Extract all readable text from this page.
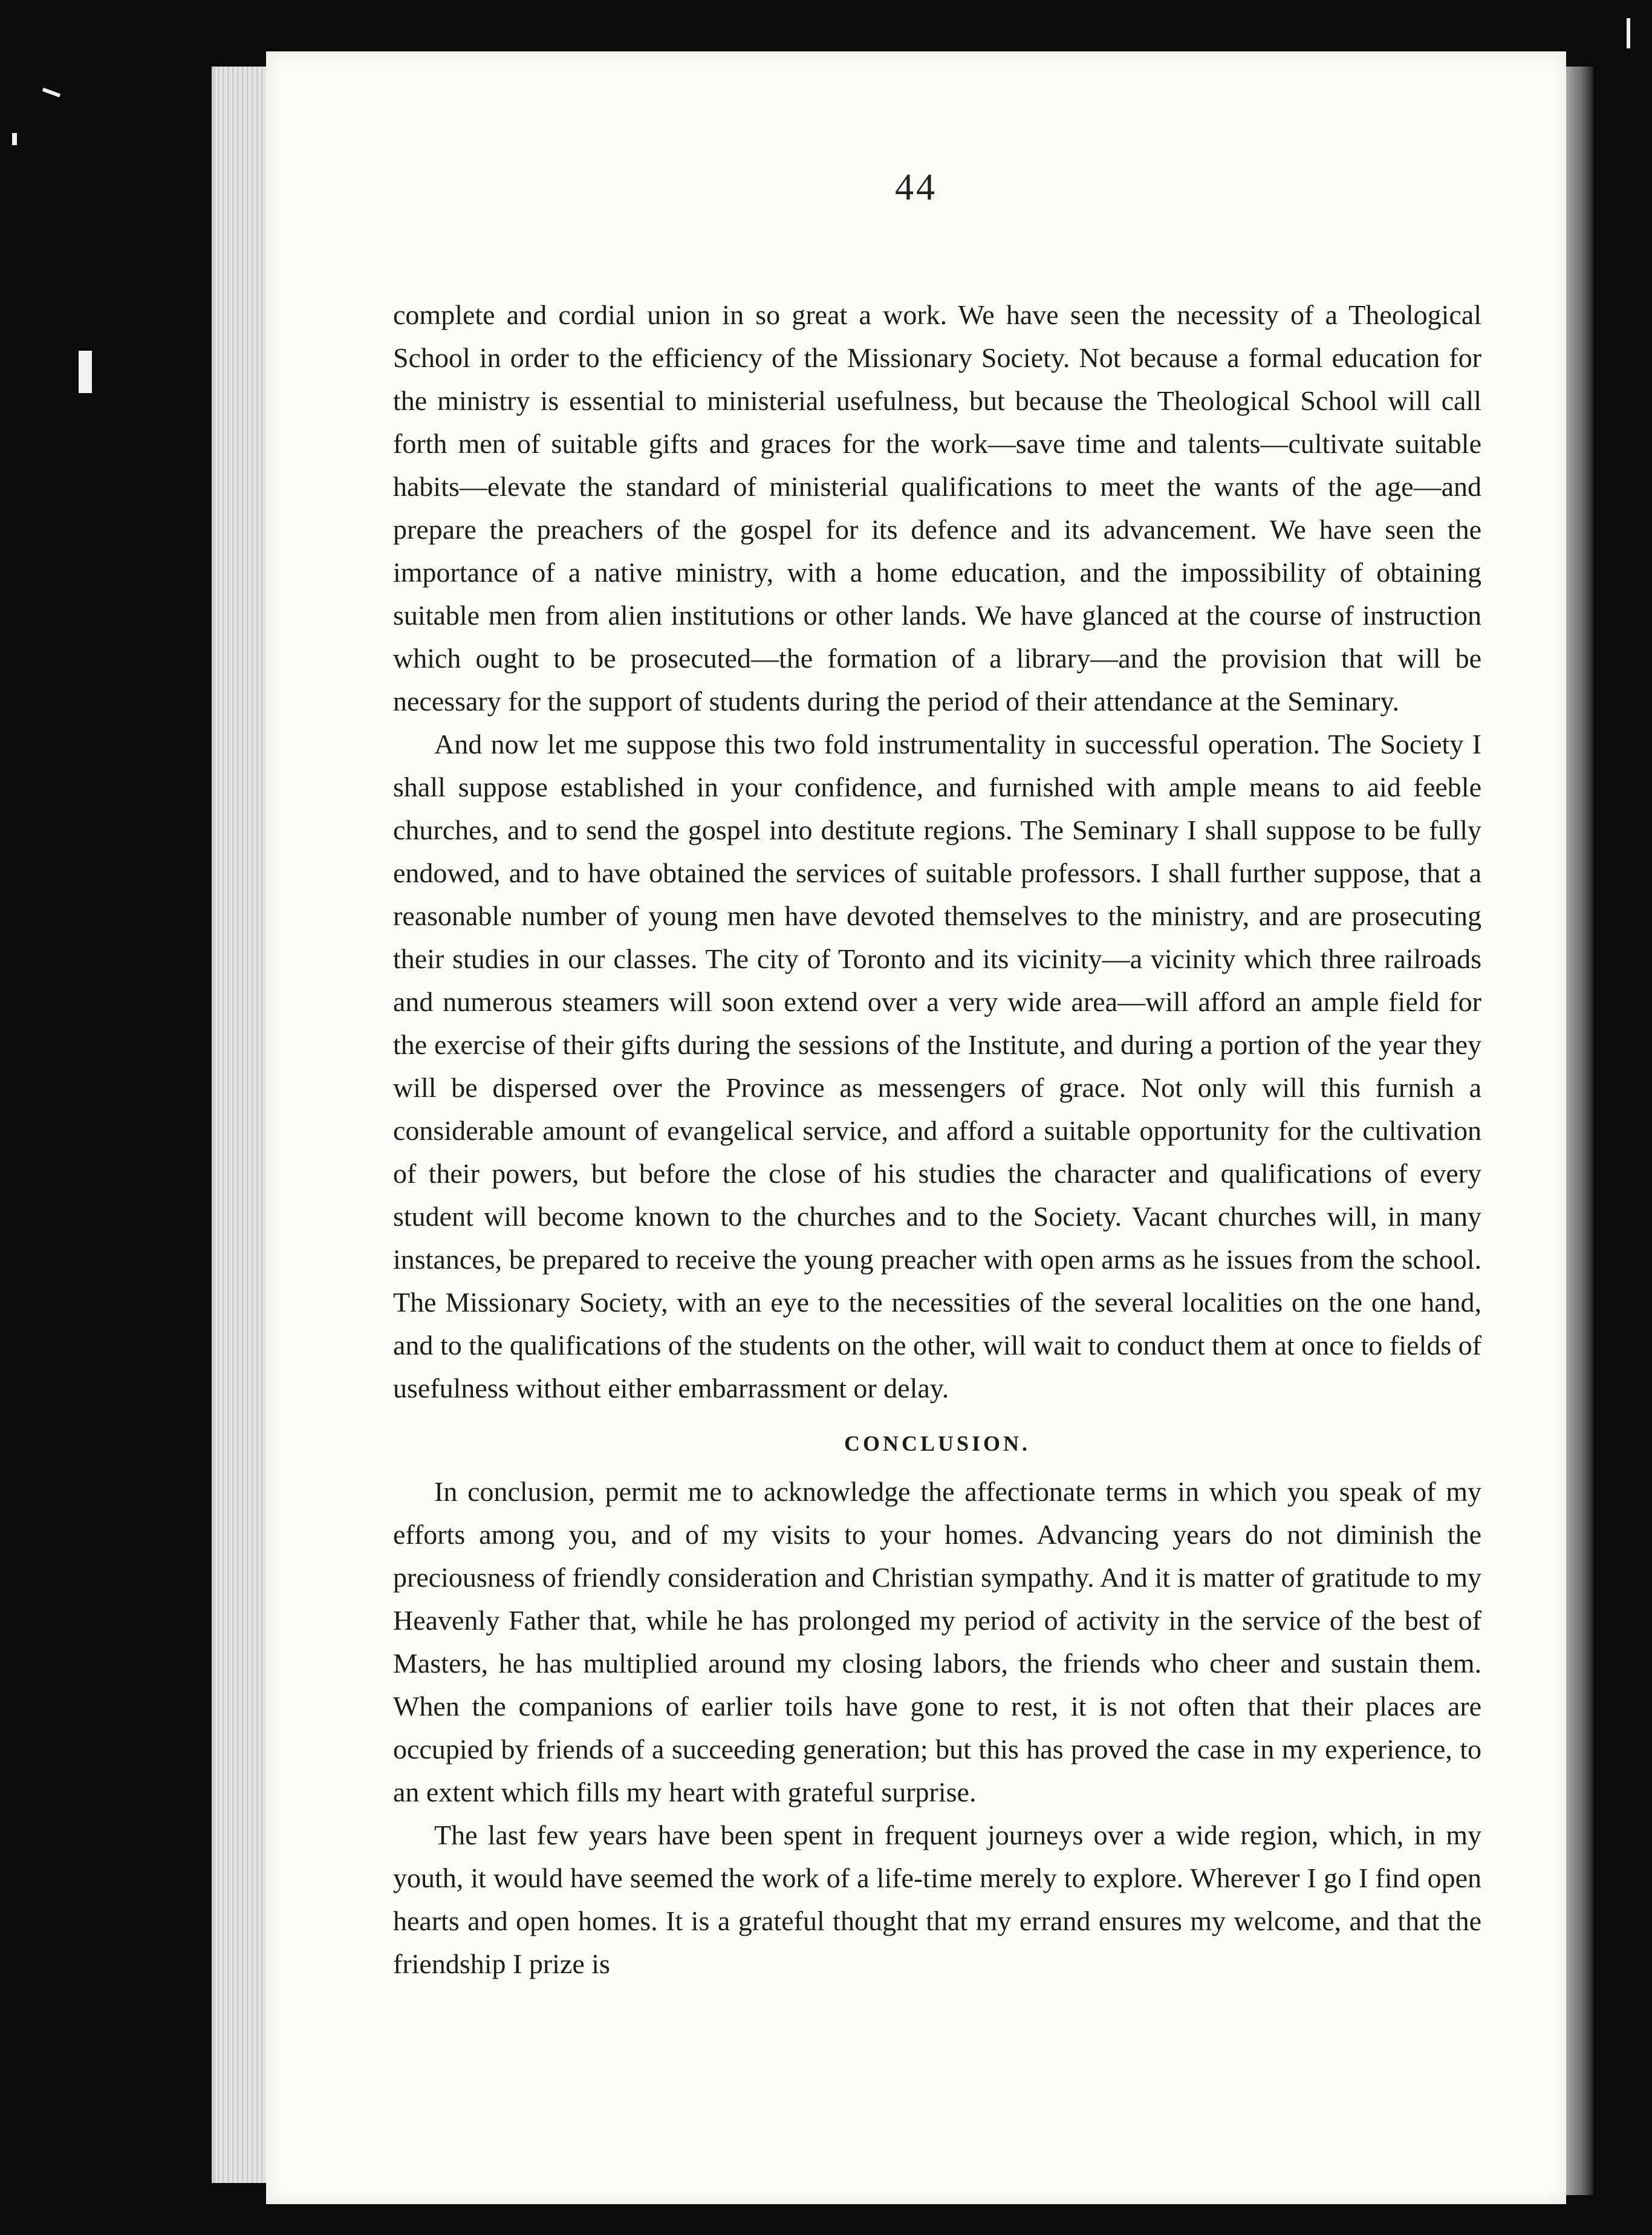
44

complete and cordial union in so great a work. We have seen the necessity of a Theological School in order to the efficiency of the Missionary Society. Not because a formal education for the ministry is essential to ministerial usefulness, but because the Theological School will call forth men of suitable gifts and graces for the work—save time and talents—cultivate suitable habits—elevate the standard of ministerial qualifications to meet the wants of the age—and prepare the preachers of the gospel for its defence and its advancement. We have seen the importance of a native ministry, with a home education, and the impossibility of obtaining suitable men from alien institutions or other lands. We have glanced at the course of instruction which ought to be prosecuted—the formation of a library—and the provision that will be necessary for the support of students during the period of their attendance at the Seminary.

And now let me suppose this two fold instrumentality in successful operation. The Society I shall suppose established in your confidence, and furnished with ample means to aid feeble churches, and to send the gospel into destitute regions. The Seminary I shall suppose to be fully endowed, and to have obtained the services of suitable professors. I shall further suppose, that a reasonable number of young men have devoted themselves to the ministry, and are prosecuting their studies in our classes. The city of Toronto and its vicinity—a vicinity which three railroads and numerous steamers will soon extend over a very wide area—will afford an ample field for the exercise of their gifts during the sessions of the Institute, and during a portion of the year they will be dispersed over the Province as messengers of grace. Not only will this furnish a considerable amount of evangelical service, and afford a suitable opportunity for the cultivation of their powers, but before the close of his studies the character and qualifications of every student will become known to the churches and to the Society. Vacant churches will, in many instances, be prepared to receive the young preacher with open arms as he issues from the school. The Missionary Society, with an eye to the necessities of the several localities on the one hand, and to the qualifications of the students on the other, will wait to conduct them at once to fields of usefulness without either embarrassment or delay.

CONCLUSION.

In conclusion, permit me to acknowledge the affectionate terms in which you speak of my efforts among you, and of my visits to your homes. Advancing years do not diminish the preciousness of friendly consideration and Christian sympathy. And it is matter of gratitude to my Heavenly Father that, while he has prolonged my period of activity in the service of the best of Masters, he has multiplied around my closing labors, the friends who cheer and sustain them. When the companions of earlier toils have gone to rest, it is not often that their places are occupied by friends of a succeeding generation; but this has proved the case in my experience, to an extent which fills my heart with grateful surprise.

The last few years have been spent in frequent journeys over a wide region, which, in my youth, it would have seemed the work of a life-time merely to explore. Wherever I go I find open hearts and open homes. It is a grateful thought that my errand ensures my welcome, and that the friendship I prize is
